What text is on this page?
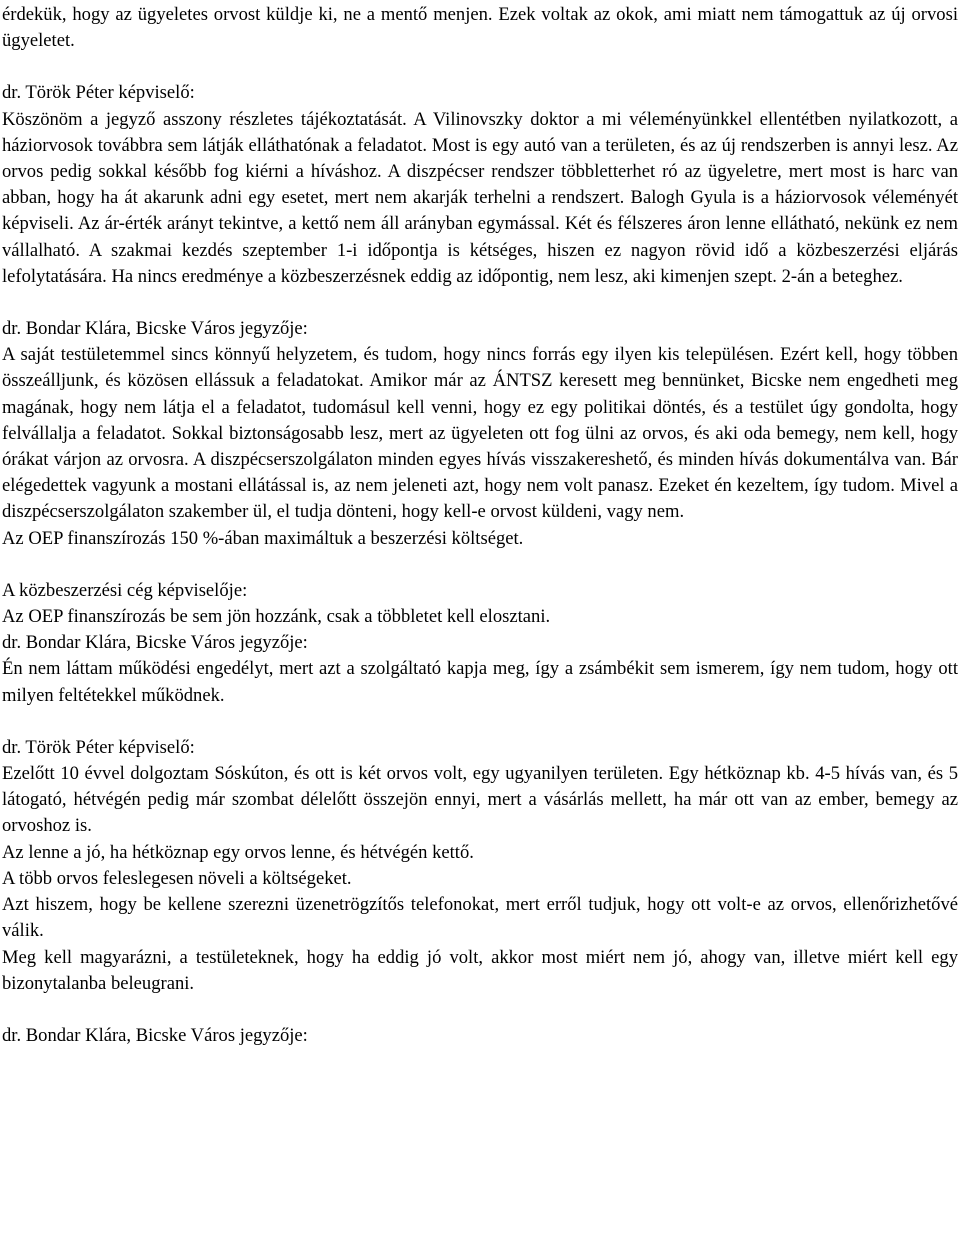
érdekük, hogy az ügyeletes orvost küldje ki, ne a mentő menjen. Ezek voltak az okok, ami miatt nem támogattuk az új orvosi ügyeletet.

dr. Török Péter képviselő:

Köszönöm a jegyző asszony részletes tájékoztatását. A Vilinovszky doktor a mi véleményünkkel ellentétben nyilatkozott, a háziorvosok továbbra sem látják elláthatónak a feladatot. Most is egy autó van a területen, és az új rendszerben is annyi lesz. Az orvos pedig sokkal később fog kiérni a híváshoz. A diszpécser rendszer többletterhet ró az ügyeletre, mert most is harc van abban, hogy ha át akarunk adni egy esetet, mert nem akarják terhelni a rendszert. Balogh Gyula is a háziorvosok véleményét képviseli. Az ár-érték arányt tekintve, a kettő nem áll arányban egymással. Két és félszeres áron lenne ellátható, nekünk ez nem vállalható. A szakmai kezdés szeptember 1-i időpontja is kétséges, hiszen ez nagyon rövid idő a közbeszerzési eljárás lefolytatására. Ha nincs eredménye a közbeszerzésnek eddig az időpontig, nem lesz, aki kimenjen szept. 2-án a beteghez.

dr. Bondar Klára, Bicske Város jegyzője:

A saját testületemmel sincs könnyű helyzetem, és tudom, hogy nincs forrás egy ilyen kis településen. Ezért kell, hogy többen összeálljunk, és közösen ellássuk a feladatokat. Amikor már az ÁNTSZ keresett meg bennünket, Bicske nem engedheti meg magának, hogy nem látja el a feladatot, tudomásul kell venni, hogy ez egy politikai döntés, és a testület úgy gondolta, hogy felvállalja a feladatot. Sokkal biztonságosabb lesz, mert az ügyeleten ott fog ülni az orvos, és aki oda bemegy, nem kell, hogy órákat várjon az orvosra. A diszpécserszolgálaton minden egyes hívás visszakereshető, és minden hívás dokumentálva van. Bár elégedettek vagyunk a mostani ellátással is, az nem jeleneti azt, hogy nem volt panasz. Ezeket én kezeltem, így tudom. Mivel a diszpécserszolgálaton szakember ül, el tudja dönteni, hogy kell-e orvost küldeni, vagy nem.

Az OEP finanszírozás 150 %-ában maximáltuk a beszerzési költséget.

A közbeszerzési cég képviselője:

Az OEP finanszírozás be sem jön hozzánk, csak a többletet kell elosztani.

dr. Bondar Klára, Bicske Város jegyzője:

Én nem láttam működési engedélyt, mert azt a szolgáltató kapja meg, így a zsámbékit sem ismerem, így nem tudom, hogy ott milyen feltétekkel működnek.

dr. Török Péter képviselő:

Ezelőtt 10 évvel dolgoztam Sóskúton, és ott is két orvos volt, egy ugyanilyen területen. Egy hétköznap kb. 4-5 hívás van, és 5 látogató, hétvégén pedig már szombat délelőtt összejön ennyi, mert a vásárlás mellett, ha már ott van az ember, bemegy az orvoshoz is.

Az lenne a jó, ha hétköznap egy orvos lenne, és hétvégén kettő.

A több orvos feleslegesen növeli a költségeket.

Azt hiszem, hogy be kellene szerezni üzenetrögzítős telefonokat, mert erről tudjuk, hogy ott volt-e az orvos, ellenőrizhetővé válik.

Meg kell magyarázni, a testületeknek, hogy ha eddig jó volt, akkor most miért nem jó, ahogy van, illetve miért kell egy bizonytalanba beleugrani.

dr. Bondar Klára, Bicske Város jegyzője:
